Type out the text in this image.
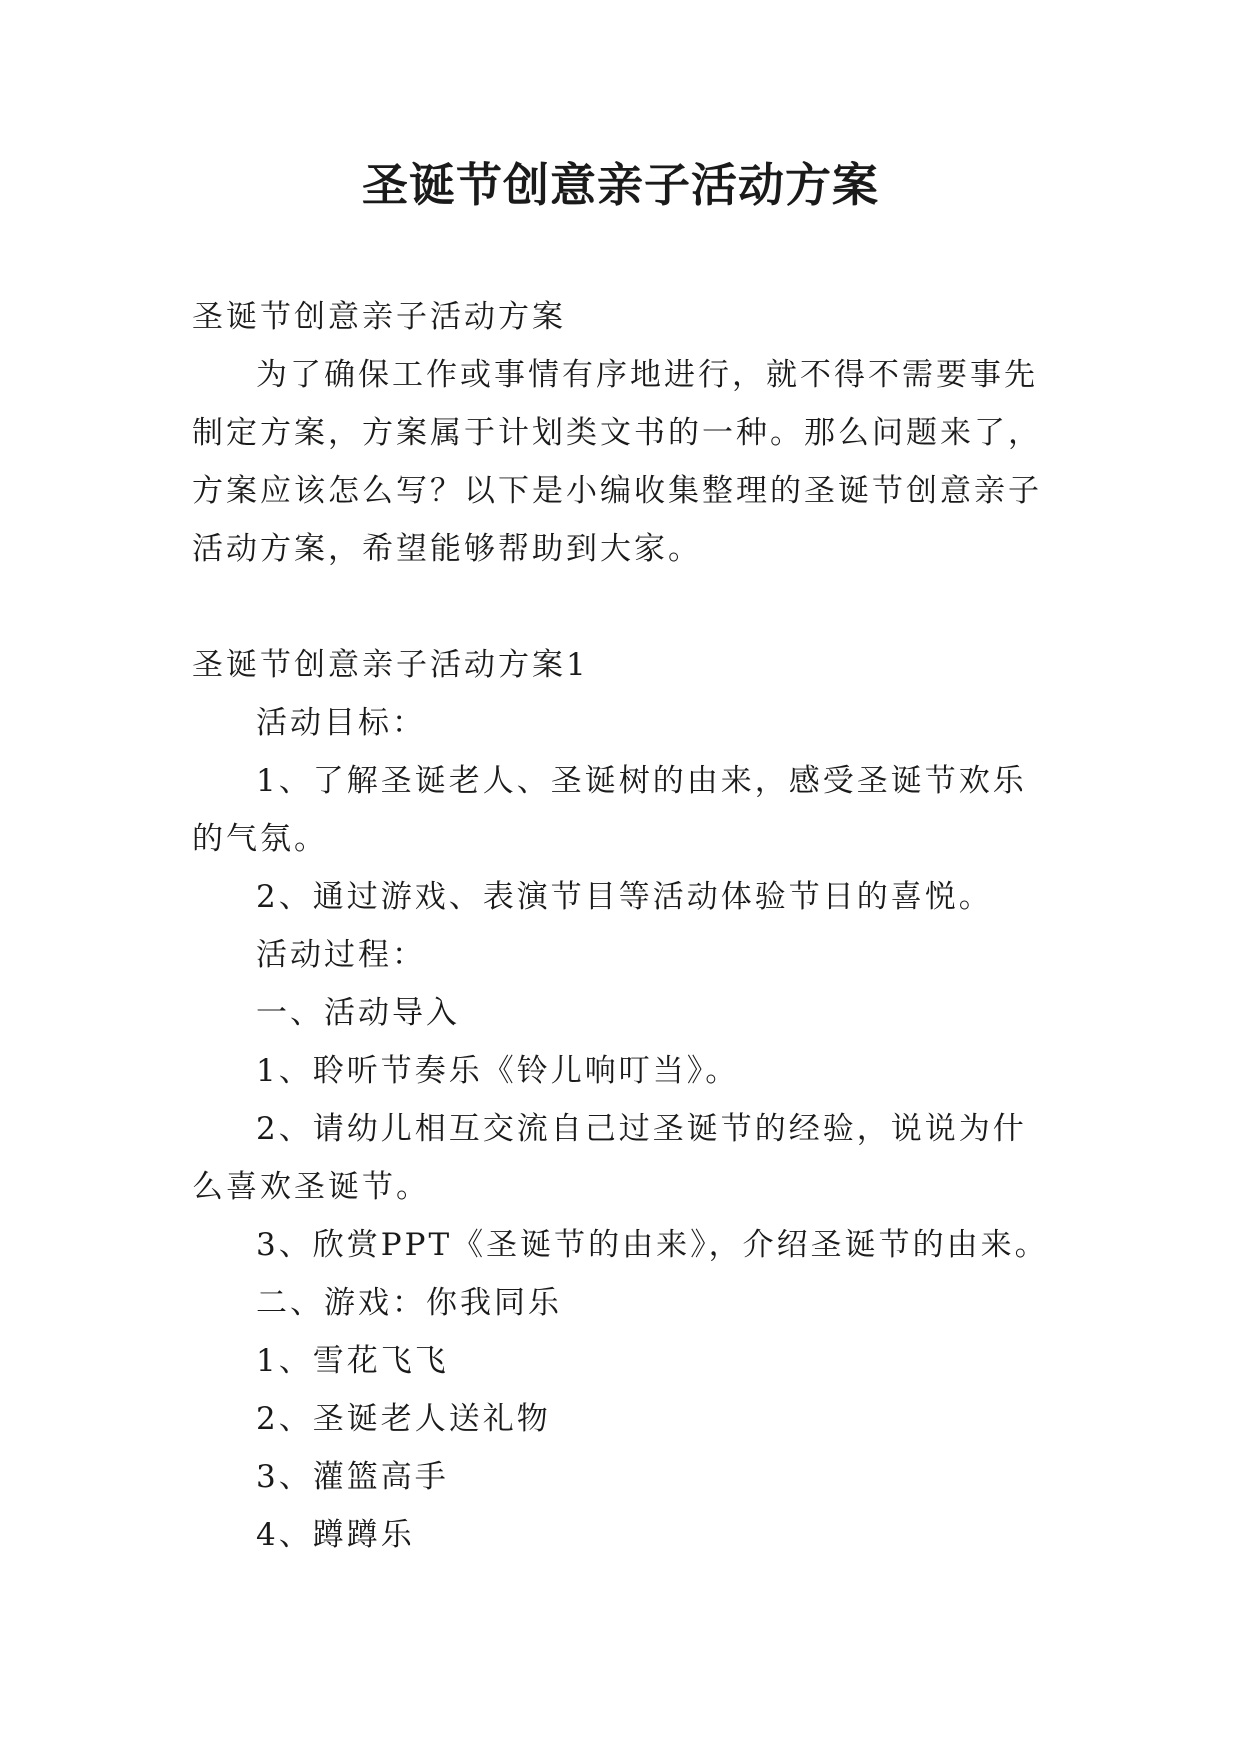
圣诞节创意亲子活动方案

圣诞节创意亲子活动方案

为了确保工作或事情有序地进行，就不得不需要事先制定方案，方案属于计划类文书的一种。那么问题来了，方案应该怎么写？以下是小编收集整理的圣诞节创意亲子活动方案，希望能够帮助到大家。

圣诞节创意亲子活动方案1

活动目标：

1、了解圣诞老人、圣诞树的由来，感受圣诞节欢乐的气氛。

2、通过游戏、表演节目等活动体验节日的喜悦。

活动过程：

一、活动导入

1、聆听节奏乐《铃儿响叮当》。

2、请幼儿相互交流自己过圣诞节的经验，说说为什么喜欢圣诞节。

3、欣赏PPT《圣诞节的由来》，介绍圣诞节的由来。

二、游戏：你我同乐

1、雪花飞飞

2、圣诞老人送礼物

3、灌篮高手

4、蹲蹲乐
